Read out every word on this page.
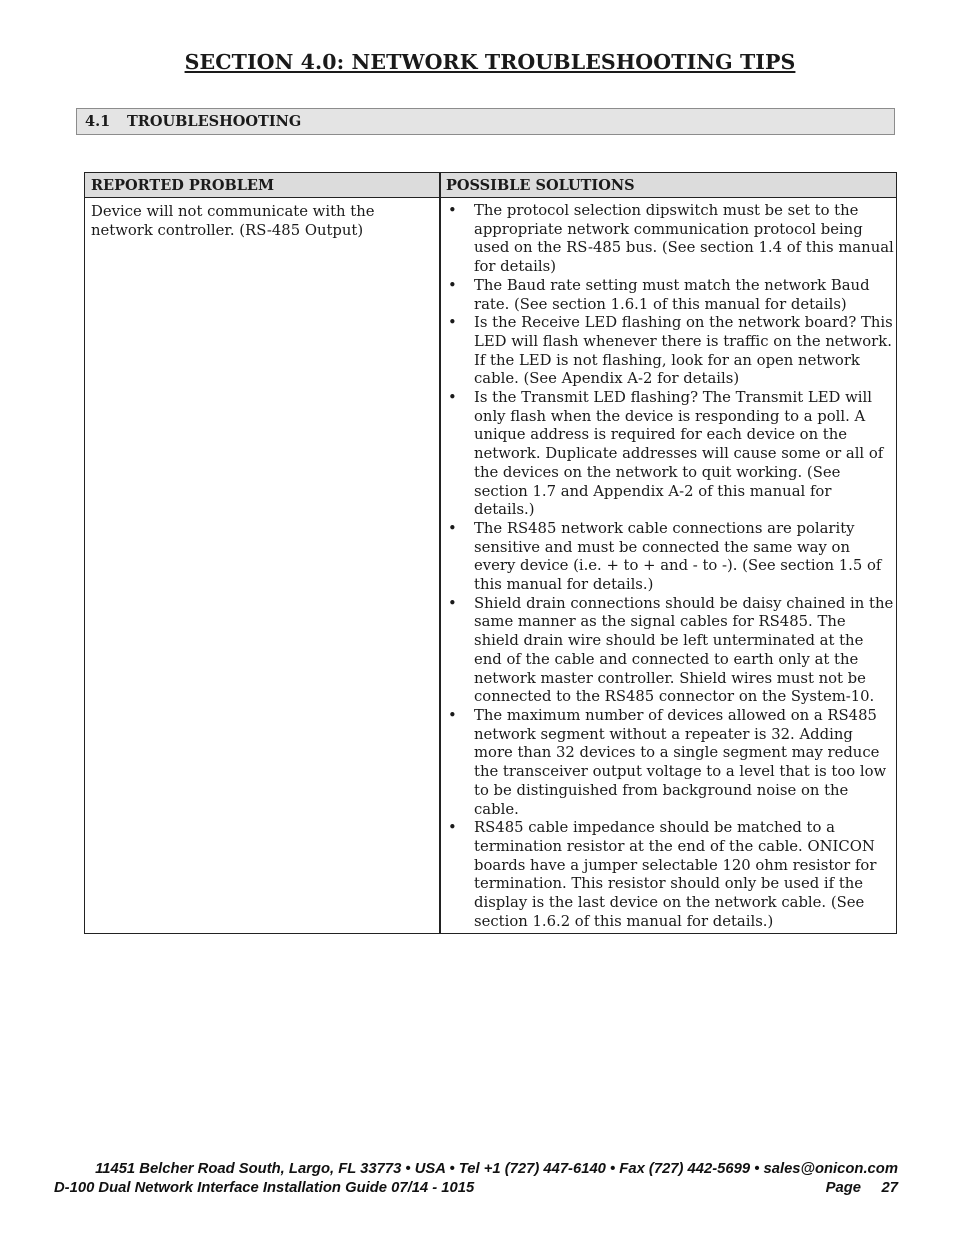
SECTION 4.0: NETWORK TROUBLESHOOTING TIPS
4.1 TROUBLESHOOTING
REPORTED PROBLEM	POSSIBLE SOLUTIONS
Device will not communicate with the network controller. (RS-485 Output)
• The protocol selection dipswitch must be set to the appropriate network communication protocol being used on the RS-485 bus. (See section 1.4 of this manual for details)
• The Baud rate setting must match the network Baud rate. (See section 1.6.1 of this manual for details)
• Is the Receive LED flashing on the network board? This LED will flash whenever there is traffic on the network. If the LED is not flashing, look for an open network cable. (See Apendix A-2 for details)
• Is the Transmit LED flashing? The Transmit LED will only flash when the device is responding to a poll. A unique address is required for each device on the network. Duplicate addresses will cause some or all of the devices on the network to quit working. (See section 1.7 and Appendix A-2 of this manual for details.)
• The RS485 network cable connections are polarity sensitive and must be connected the same way on every device (i.e. + to + and - to -). (See section 1.5 of this manual for details.)
• Shield drain connections should be daisy chained in the same manner as the signal cables for RS485. The shield drain wire should be left unterminated at the end of the cable and connected to earth only at the network master controller. Shield wires must not be connected to the RS485 connector on the System-10.
• The maximum number of devices allowed on a RS485 network segment without a repeater is 32. Adding more than 32 devices to a single segment may reduce the transceiver output voltage to a level that is too low to be distinguished from background noise on the cable.
• RS485 cable impedance should be matched to a termination resistor at the end of the cable. ONICON boards have a jumper selectable 120 ohm resistor for termination. This resistor should only be used if the display is the last device on the network cable. (See section 1.6.2 of this manual for details.)
11451 Belcher Road South, Largo, FL 33773 • USA • Tel +1 (727) 447-6140 • Fax (727) 442-5699 • sales@onicon.com
D-100 Dual Network Interface Installation Guide 07/14 - 1015	Page     27
